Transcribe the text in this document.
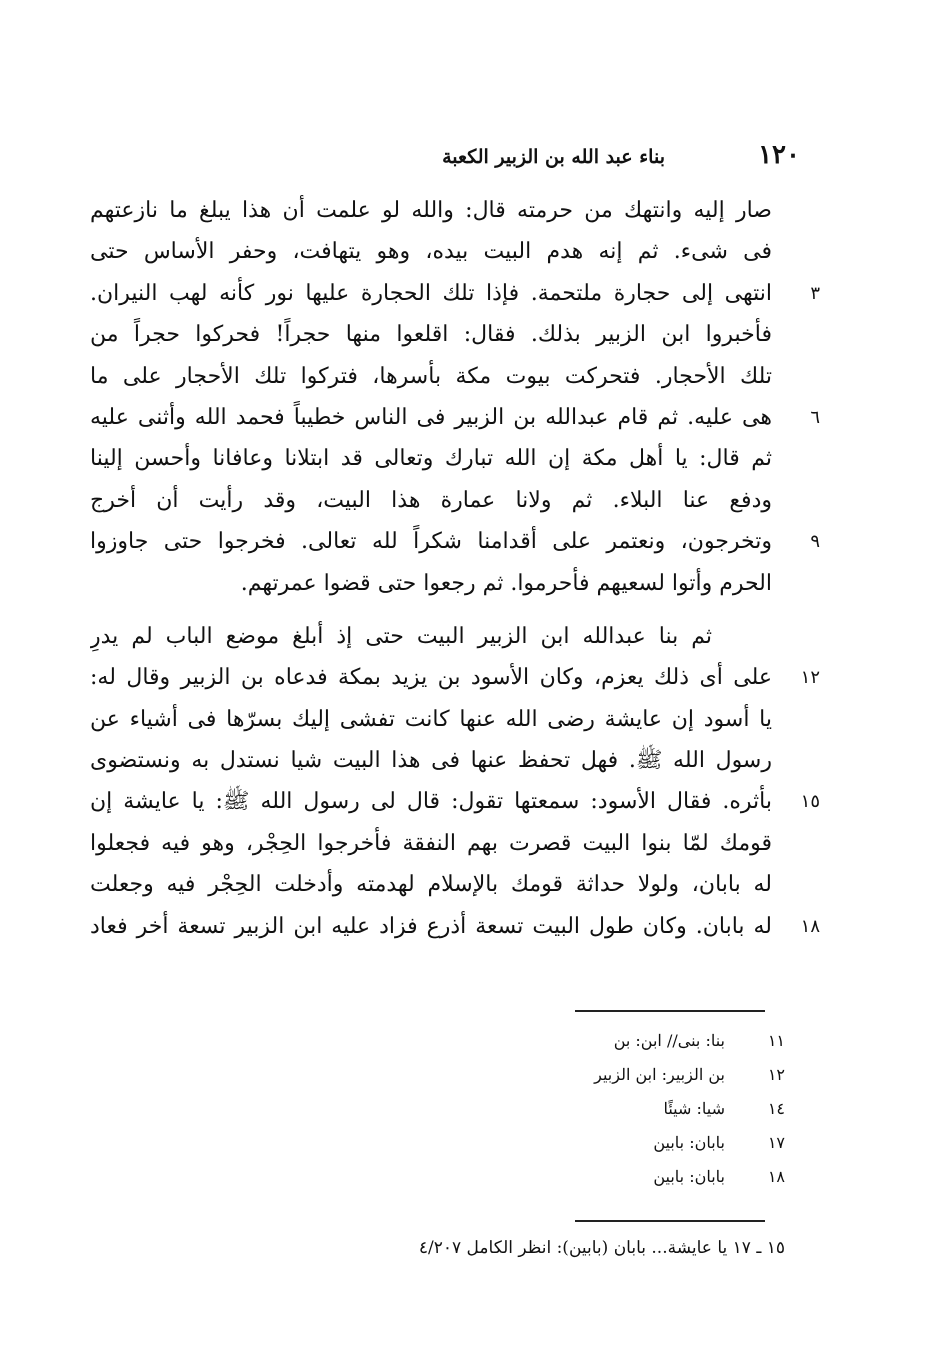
١٢٠
بناء عبد الله بن الزبير الكعبة
صار إليه وانتهك من حرمته قال: والله لو علمت أن هذا يبلغ ما نازعتهم
فى شىء. ثم إنه هدم البيت بيده، وهو يتهافت، وحفر الأساس حتى
٣
انتهى إلى حجارة ملتحمة. فإذا تلك الحجارة عليها نور كأنه لهب النيران.
فأخبروا ابن الزبير بذلك. فقال: اقلعوا منها حجراً! فحركوا حجراً من
تلك الأحجار. فتحركت بيوت مكة بأسرها، فتركوا تلك الأحجار على ما
٦
هى عليه. ثم قام عبدالله بن الزبير فى الناس خطيباً فحمد الله وأثنى عليه
ثم قال: يا أهل مكة إن الله تبارك وتعالى قد ابتلانا وعافانا وأحسن إلينا
ودفع عنا البلاء. ثم ولانا عمارة هذا البيت، وقد رأيت أن أخرج
٩
وتخرجون، ونعتمر على أقدامنا شكراً لله تعالى. فخرجوا حتى جاوزوا
الحرم وأتوا لسعيهم فأحرموا. ثم رجعوا حتى قضوا عمرتهم.
ثم بنا عبدالله ابن الزبير البيت حتى إذ أبلغ موضع الباب لم يدرِ
١٢
على أى ذلك يعزم، وكان الأسود بن يزيد بمكة فدعاه بن الزبير وقال له:
يا أسود إن عايشة رضى الله عنها كانت تفشى إليك بسرّها فى أشياء عن
رسول الله ﷺ. فهل تحفظ عنها فى هذا البيت شيا نستدل به ونستضوى
١٥
بأثره. فقال الأسود: سمعتها تقول: قال لى رسول الله ﷺ: يا عايشة إن
قومك لمّا بنوا البيت قصرت بهم النفقة فأخرجوا الحِجْر، وهو فيه فجعلوا
له بابان، ولولا حداثة قومك بالإسلام لهدمته وأدخلت الحِجْر فيه وجعلت
١٨
له بابان. وكان طول البيت تسعة أذرع فزاد عليه ابن الزبير تسعة أخر فعاد
١١
بنا: بنى// ابن: بن
١٢
بن الزبير: ابن الزبير
١٤
شيا: شيئًا
١٧
بابان: بابين
١٨
بابان: بابين
١٥ ـ ١٧ يا عايشة... بابان (بابين): انظر الكامل ٤/٢٠٧
